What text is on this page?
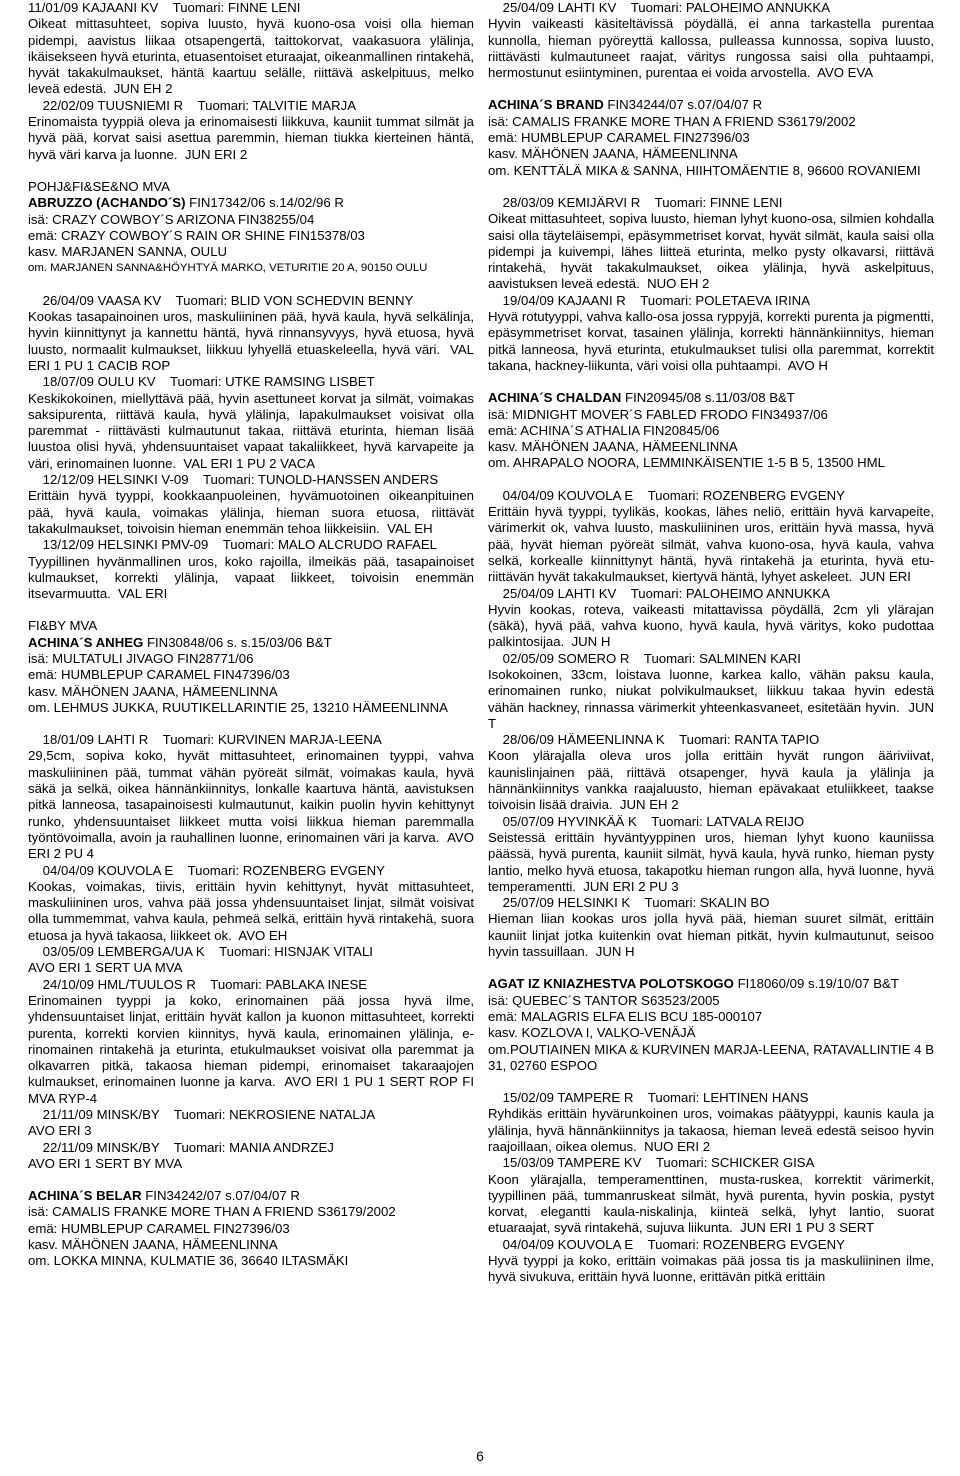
11/01/09 KAJAANI KV    Tuomari: FINNE LENI

Oikeat mittasuhteet, sopiva luusto, hyvä kuono-osa voisi olla hieman pidempi, aavistus liikaa otsapengertä, taittokorvat, vaakasuora ylälinja, ikäisekseen hyvä eturinta, etuasentoiset eturaajat, oikeanmallinen rintakehä, hyvät takakulmaukset, häntä kaartuu selälle, riittävä askelpituus, melko leveä edestä.  JUN EH 2

22/02/09 TUUSNIEMI R    Tuomari: TALVITIE MARJA

Erinomaista tyyppiä oleva ja erinomaisesti liikkuva, kauniit tummat silmät ja hyvä pää, korvat saisi asettua paremmin, hieman tiukka kierteinen häntä, hyvä väri karva ja luonne.  JUN ERI 2

POHJ&FI&SE&NO MVA

ABRUZZO (ACHANDO´S) FIN17342/06 s.14/02/96 R

isä: CRAZY COWBOY´S ARIZONA FIN38255/04

emä: CRAZY COWBOY´S RAIN OR SHINE FIN15378/03

kasv. MARJANEN SANNA, OULU

om. MARJANEN SANNA&HÖYHTYÄ MARKO, VETURITIE 20 A, 90150 OULU

26/04/09 VAASA KV    Tuomari: BLID VON SCHEDVIN BENNY

Kookas tasapainoinen uros, maskuliininen pää, hyvä kaula, hyvä selkälinja, hyvin kiinnittynyt ja kannettu häntä, hyvä rinnansyvyys, hyvä etuosa, hyvä luusto, normaalit kulmaukset, liikkuu lyhyellä etuaskeleella, hyvä väri.  VAL ERI 1 PU 1 CACIB ROP

18/07/09 OULU KV    Tuomari: UTKE RAMSING LISBET

Keskikokoinen, miellyttävä pää, hyvin asettuneet korvat ja silmät, voimakas saksipurenta, riittävä kaula, hyvä ylälinja, lapakulmaukset voisivat olla paremmat - riittävästi kulmautunut takaa, riittävä eturinta, hieman lisää luustoa olisi hyvä, yhdensuuntaiset vapaat takaliikkeet, hyvä karvapeite ja väri, erinomainen luonne.  VAL ERI 1 PU 2 VACA

12/12/09 HELSINKI V-09    Tuomari: TUNOLD-HANSSEN ANDERS

Erittäin hyvä tyyppi, kookkaanpuoleinen, hyvämuotoinen oikeanpituinen pää, hyvä kaula, voimakas ylälinja, hieman suora etuosa, riittävät takakulmaukset, toivoisin hieman enemmän tehoa liikkeisiin.  VAL EH

13/12/09 HELSINKI PMV-09    Tuomari: MALO ALCRUDO RAFAEL

Tyypillinen hyvänmallinen uros, koko rajoilla, ilmeikäs pää, tasapainoiset kulmaukset, korrekti ylälinja, vapaat liikkeet, toivoisin enemmän itsevarmuutta.  VAL ERI

FI&BY MVA

ACHINA´S ANHEG FIN30848/06 s. s.15/03/06 B&T

isä: MULTATULI JIVAGO FIN28771/06

emä: HUMBLEPUP CARAMEL FIN47396/03

kasv. MÄHÖNEN JAANA, HÄMEENLINNA

om. LEHMUS JUKKA, RUUTIKELLARINTIE 25, 13210 HÄMEENLINNA

18/01/09 LAHTI R    Tuomari: KURVINEN MARJA-LEENA

29,5cm, sopiva koko, hyvät mittasuhteet, erinomainen tyyppi, vahva maskuliininen pää, tummat vähän pyöreät silmät, voimakas kaula, hyvä säkä ja selkä, oikea hännänkiinnitys, lonkalle kaartuva häntä, aavistuksen pitkä lanneosa, tasapainoisesti kulmautunut, kaikin puolin hyvin kehittynyt runko, yhdensuuntaiset liikkeet mutta voisi liikkua hieman paremmalla työntövoimalla, avoin ja rauhallinen luonne, erinomainen väri ja karva.  AVO ERI 2 PU 4

04/04/09 KOUVOLA E    Tuomari: ROZENBERG EVGENY

Kookas, voimakas, tiivis, erittäin hyvin kehittynyt, hyvät mittasuhteet, maskuliininen uros, vahva pää jossa yhdensuuntaiset linjat, silmät voisivat olla tummemmat, vahva kaula, pehmeä selkä, erittäin hyvä rintakehä, suora etuosa ja hyvä takaosa, liikkeet ok.  AVO EH

03/05/09 LEMBERGA/UA K    Tuomari: HISNJAK VITALI

AVO ERI 1 SERT UA MVA

24/10/09 HML/TUULOS R    Tuomari: PABLAKA INESE

Erinomainen tyyppi ja koko, erinomainen pää jossa hyvä ilme, yhdensuuntaiset linjat, erittäin hyvät kallon ja kuonon mittasuhteet, korrekti purenta, korrekti korvien kiinnitys, hyvä kaula, erinomainen ylälinja, e-rinomainen rintakehä ja eturinta, etukulmaukset voisivat olla paremmat ja olkavarren pitkä, takaosa hieman pidempi, erinomaiset takaraajojen kulmaukset, erinomainen luonne ja karva.  AVO ERI 1 PU 1 SERT ROP FI MVA RYP-4

21/11/09 MINSK/BY    Tuomari: NEKROSIENE NATALJA

AVO ERI 3

22/11/09 MINSK/BY    Tuomari: MANIA ANDRZEJ

AVO ERI 1 SERT BY MVA

ACHINA´S BELAR FIN34242/07 s.07/04/07 R

isä: CAMALIS FRANKE MORE THAN A FRIEND S36179/2002

emä: HUMBLEPUP CARAMEL FIN27396/03

kasv. MÄHÖNEN JAANA, HÄMEENLINNA

om. LOKKA MINNA, KULMATIE 36, 36640 ILTASMÄKI

25/04/09 LAHTI KV    Tuomari: PALOHEIMO ANNUKKA

Hyvin vaikeasti käsiteltävissä pöydällä, ei anna tarkastella purentaa kunnolla, hieman pyöreyttä kallossa, pulleassa kunnossa, sopiva luusto, riittävästi kulmautuneet raajat, väritys rungossa saisi olla puhtaampi, hermostunut esiintyminen, purentaa ei voida arvostella.  AVO EVA

ACHINA´S BRAND FIN34244/07 s.07/04/07 R

isä: CAMALIS FRANKE MORE THAN A FRIEND S36179/2002

emä: HUMBLEPUP CARAMEL FIN27396/03

kasv. MÄHÖNEN JAANA, HÄMEENLINNA

om. KENTTÄLÄ MIKA & SANNA, HIIHTOMÄENTIE 8, 96600 ROVANIEMI

28/03/09 KEMIJÄRVI R    Tuomari: FINNE LENI

Oikeat mittasuhteet, sopiva luusto, hieman lyhyt kuono-osa, silmien kohdalla saisi olla täyteläisempi, epäsymmetriset korvat, hyvät silmät, kaula saisi olla pidempi ja kuivempi, lähes liitteä eturinta, melko pysty olkavarsi, riittävä rintakehä, hyvät takakulmaukset, oikea ylälinja, hyvä askelpituus, aavistuksen leveä edestä.  NUO EH 2

19/04/09 KAJAANI R    Tuomari: POLETAEVA IRINA

Hyvä rotutyyppi, vahva kallo-osa jossa ryppyjä, korrekti purenta ja pigmentti, epäsymmetriset korvat, tasainen ylälinja, korrekti hännänkiinnitys, hieman pitkä lanneosa, hyvä eturinta, etukulmaukset tulisi olla paremmat, korrektit takana, hackney-liikunta, väri voisi olla puhtaampi.  AVO H

ACHINA´S CHALDAN FIN20945/08 s.11/03/08 B&T

isä: MIDNIGHT MOVER´S FABLED FRODO FIN34937/06

emä: ACHINA´S ATHALIA FIN20845/06

kasv. MÄHÖNEN JAANA, HÄMEENLINNA

om. AHRAPALO NOORA, LEMMINKÄISENTIE 1-5 B 5, 13500 HML

04/04/09 KOUVOLA E    Tuomari: ROZENBERG EVGENY

Erittäin hyvä tyyppi, tyylikäs, kookas, lähes neliö, erittäin hyvä karvapeite, värimerkit ok, vahva luusto, maskuliininen uros, erittäin hyvä massa, hyvä pää, hyvät hieman pyöreät silmät, vahva kuono-osa, hyvä kaula, vahva selkä, korkealle kiinnittynyt häntä, hyvä rintakehä ja eturinta, hyvä etu- riittävän hyvät takakulmaukset, kiertyvä häntä, lyhyet askeleet.  JUN ERI

25/04/09 LAHTI KV    Tuomari: PALOHEIMO ANNUKKA

Hyvin kookas, roteva, vaikeasti mitattavissa pöydällä, 2cm yli ylärajan (säkä), hyvä pää, vahva kuono, hyvä kaula, hyvä väritys, koko pudottaa palkintosijaa.  JUN H

02/05/09 SOMERO R    Tuomari: SALMINEN KARI

Isokokoinen, 33cm, loistava luonne, karkea kallo, vähän paksu kaula, erinomainen runko, niukat polvikulmaukset, liikkuu takaa hyvin edestä vähän hackney, rinnassa värimerkit yhteenkasvaneet, esitetään hyvin.  JUN T

28/06/09 HÄMEENLINNA K    Tuomari: RANTA TAPIO

Koon ylärajalla oleva uros jolla erittäin hyvät rungon ääriviivat, kaunislinjainen pää, riittävä otsapenger, hyvä kaula ja ylälinja ja hännänkiinnitys vankka raajaluusto, hieman epävakaat etuliikkeet, taakse toivoisin lisää draivia.  JUN EH 2

05/07/09 HYVINKÄÄ K    Tuomari: LATVALA REIJO

Seistessä erittäin hyväntyyppinen uros, hieman lyhyt kuono kauniissa päässä, hyvä purenta, kauniit silmät, hyvä kaula, hyvä runko, hieman pysty lantio, melko hyvä etuosa, takapotku hieman rungon alla, hyvä luonne, hyvä temperamentti.  JUN ERI 2 PU 3

25/07/09 HELSINKI K    Tuomari: SKALIN BO

Hieman liian kookas uros jolla hyvä pää, hieman suuret silmät, erittäin kauniit linjat jotka kuitenkin ovat hieman pitkät, hyvin kulmautunut, seisoo hyvin tassuillaan.  JUN H

AGAT IZ KNIAZHESTVA POLOTSKOGO FI18060/09 s.19/10/07 B&T

isä: QUEBEC´S TANTOR S63523/2005

emä: MALAGRIS ELFA ELIS BCU 185-000107

kasv. KOZLOVA I, VALKO-VENÄJÄ

om.POUTIAINEN MIKA & KURVINEN MARJA-LEENA, RATAVALLINTIE 4 B 31, 02760 ESPOO

15/02/09 TAMPERE R    Tuomari: LEHTINEN HANS

Ryhdikäs erittäin hyvärunkoinen uros, voimakas päätyyppi, kaunis kaula ja ylälinja, hyvä hännänkiinnitys ja takaosa, hieman leveä edestä seisoo hyvin raajoillaan, oikea olemus.  NUO ERI 2

15/03/09 TAMPERE KV    Tuomari: SCHICKER GISA

Koon ylärajalla, temperamenttinen, musta-ruskea, korrektit värimerkit, tyypillinen pää, tummanruskeat silmät, hyvä purenta, hyvin poskia, pystyt korvat, elegantti kaula-niskalinja, kiinteä selkä, lyhyt lantio, suorat etuaraajat, syvä rintakehä, sujuva liikunta.  JUN ERI 1 PU 3 SERT

04/04/09 KOUVOLA E    Tuomari: ROZENBERG EVGENY

Hyvä tyyppi ja koko, erittäin voimakas pää jossa tis ja maskuliininen ilme, hyvä sivukuva, erittäin hyvä luonne, erittävän pitkä erittäin

6
